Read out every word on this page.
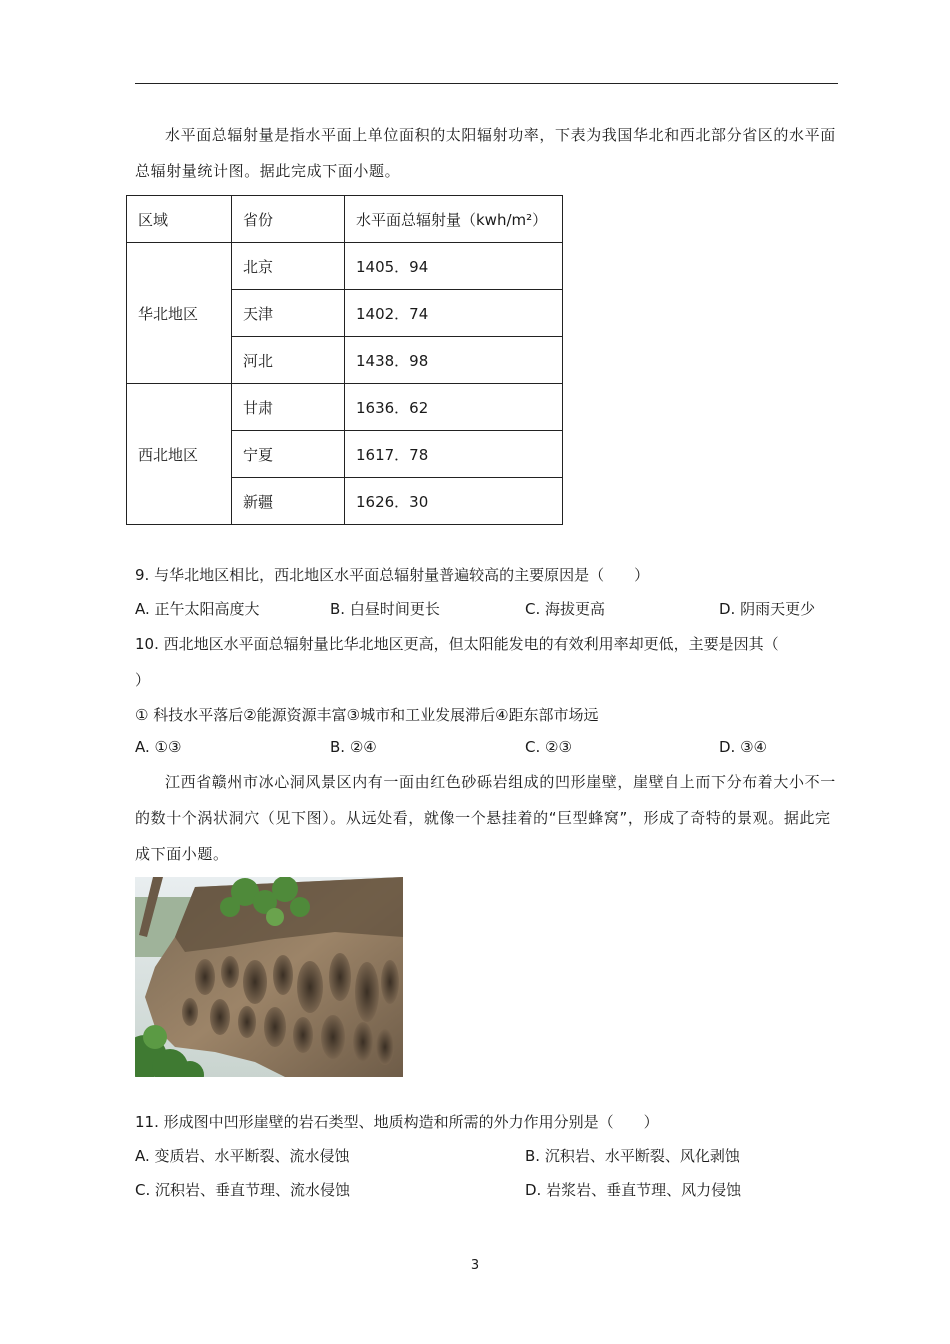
水平面总辐射量是指水平面上单位面积的太阳辐射功率，下表为我国华北和西北部分省区的水平面总辐射量统计图。据此完成下面小题。

区域	省份	水平面总辐射量（kwh/m²）
华北地区	北京	1405．94
	天津	1402．74
	河北	1438．98
西北地区	甘肃	1636．62
	宁夏	1617．78
	新疆	1626．30

9. 与华北地区相比，西北地区水平面总辐射量普遍较高的主要原因是（　　）

A. 正午太阳高度大	B. 白昼时间更长	C. 海拔更高	D. 阴雨天更少

10. 西北地区水平面总辐射量比华北地区更高，但太阳能发电的有效利用率却更低，主要是因其（

）

① 科技水平落后②能源资源丰富③城市和工业发展滞后④距东部市场远

A. ①③	B. ②④	C. ②③	D. ③④

江西省赣州市冰心洞风景区内有一面由红色砂砾岩组成的凹形崖壁，崖壁自上而下分布着大小不一的数十个涡状洞穴（见下图）。从远处看，就像一个悬挂着的“巨型蜂窝”，形成了奇特的景观。据此完成下面小题。

11. 形成图中凹形崖壁的岩石类型、地质构造和所需的外力作用分别是（　　）

A. 变质岩、水平断裂、流水侵蚀	B. 沉积岩、水平断裂、风化剥蚀
C. 沉积岩、垂直节理、流水侵蚀	D. 岩浆岩、垂直节理、风力侵蚀
3
